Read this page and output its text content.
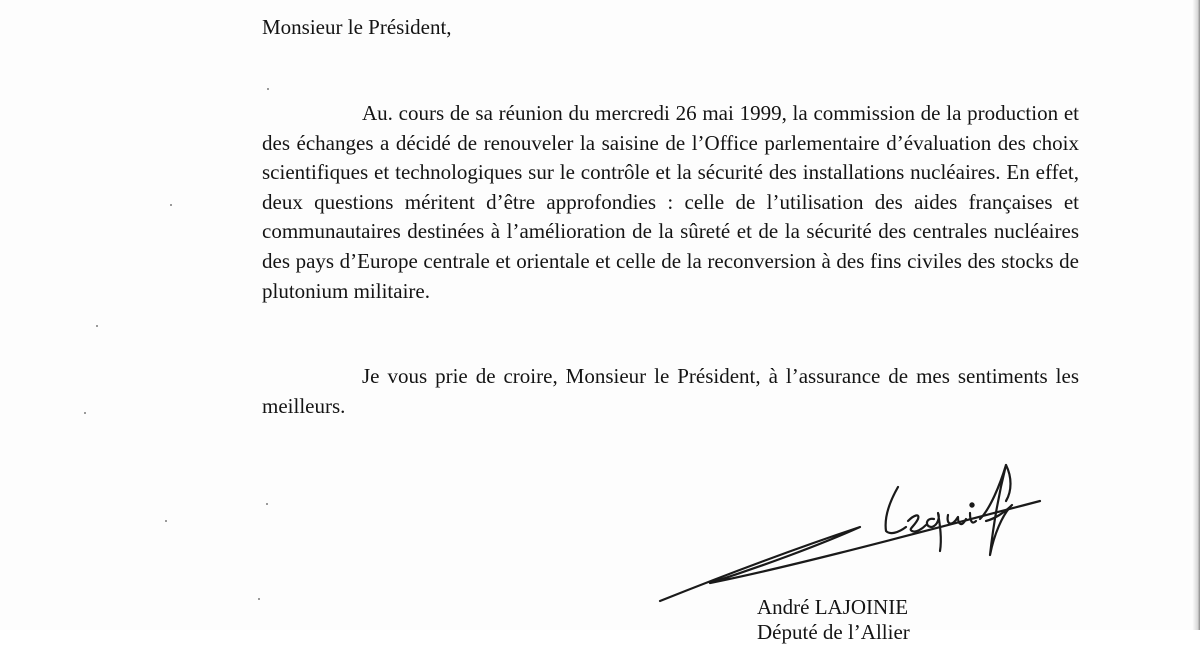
Monsieur le Président,

Au. cours de sa réunion du mercredi 26 mai 1999, la commission de la production et des échanges a décidé de renouveler la saisine de l’Office parlementaire d’évaluation des choix scientifiques et technologiques sur le contrôle et la sécurité des installations nucléaires. En effet, deux questions méritent d’être approfondies : celle de l’utilisation des aides françaises et communautaires destinées à l’amélioration de la sûreté et de la sécurité des centrales nucléaires des pays d’Europe centrale et orientale et celle de la reconversion à des fins civiles des stocks de plutonium militaire.

Je vous prie de croire, Monsieur le Président, à l’assurance de mes sentiments les meilleurs.

André LAJOINIE

Député de l’Allier
